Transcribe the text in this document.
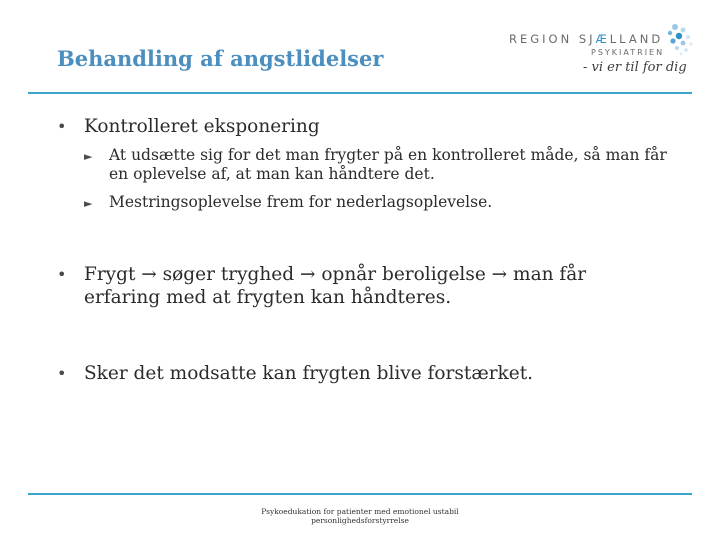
Behandling af angstlidelser
REGION SJÆLLAND
PSYKIATRIEN
- vi er til for dig
• Kontrolleret eksponering
► At udsætte sig for det man frygter på en kontrolleret måde, så man får en oplevelse af, at man kan håndtere det.
► Mestringsoplevelse frem for nederlagsoplevelse.
• Frygt → søger tryghed → opnår beroligelse → man får erfaring med at frygten kan håndteres.
• Sker det modsatte kan frygten blive forstærket.
Psykoedukation for patienter med emotionel ustabil
personlighedsforstyrrelse
